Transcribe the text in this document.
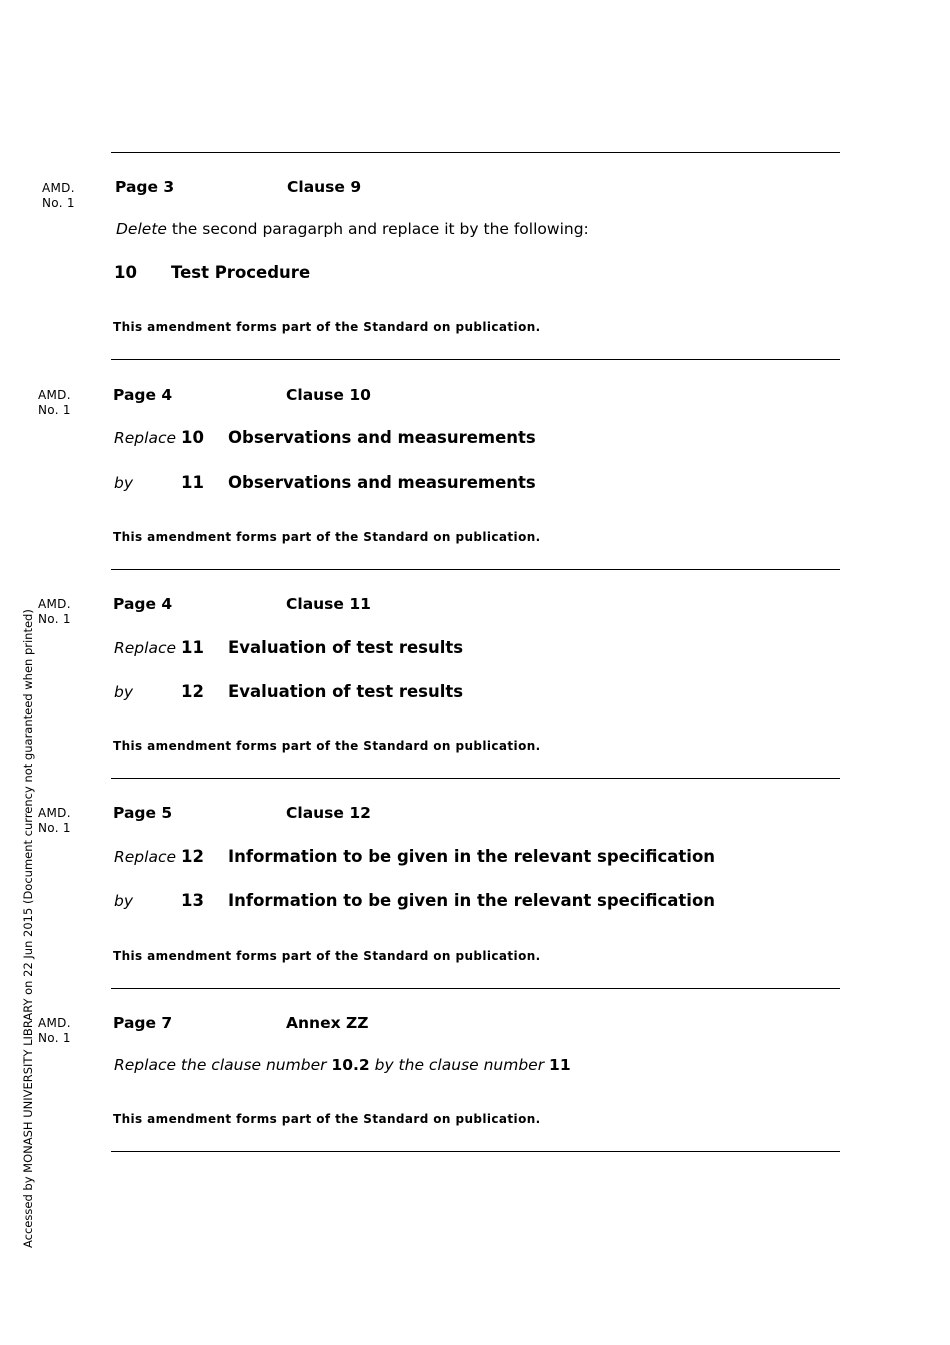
Accessed by MONASH UNIVERSITY LIBRARY on 22 Jun 2015 (Document currency not guaranteed when printed)
AMD.
No. 1
Page 3	Clause 9
Delete the second paragarph and replace it by the following:
10 Test Procedure
This amendment forms part of the Standard on publication.
AMD.
No. 1
Page 4	Clause 10
Replace 10 Observations and measurements
by	11 Observations and measurements
This amendment forms part of the Standard on publication.
AMD.
No. 1
Page 4	Clause 11
Replace 11 Evaluation of test results
by	12 Evaluation of test results
This amendment forms part of the Standard on publication.
AMD.
No. 1
Page 5	Clause 12
Replace 12 Information to be given in the relevant specification
by	13 Information to be given in the relevant specification
This amendment forms part of the Standard on publication.
AMD.
No. 1
Page 7	Annex ZZ
Replace the clause number 10.2 by the clause number 11
This amendment forms part of the Standard on publication.
